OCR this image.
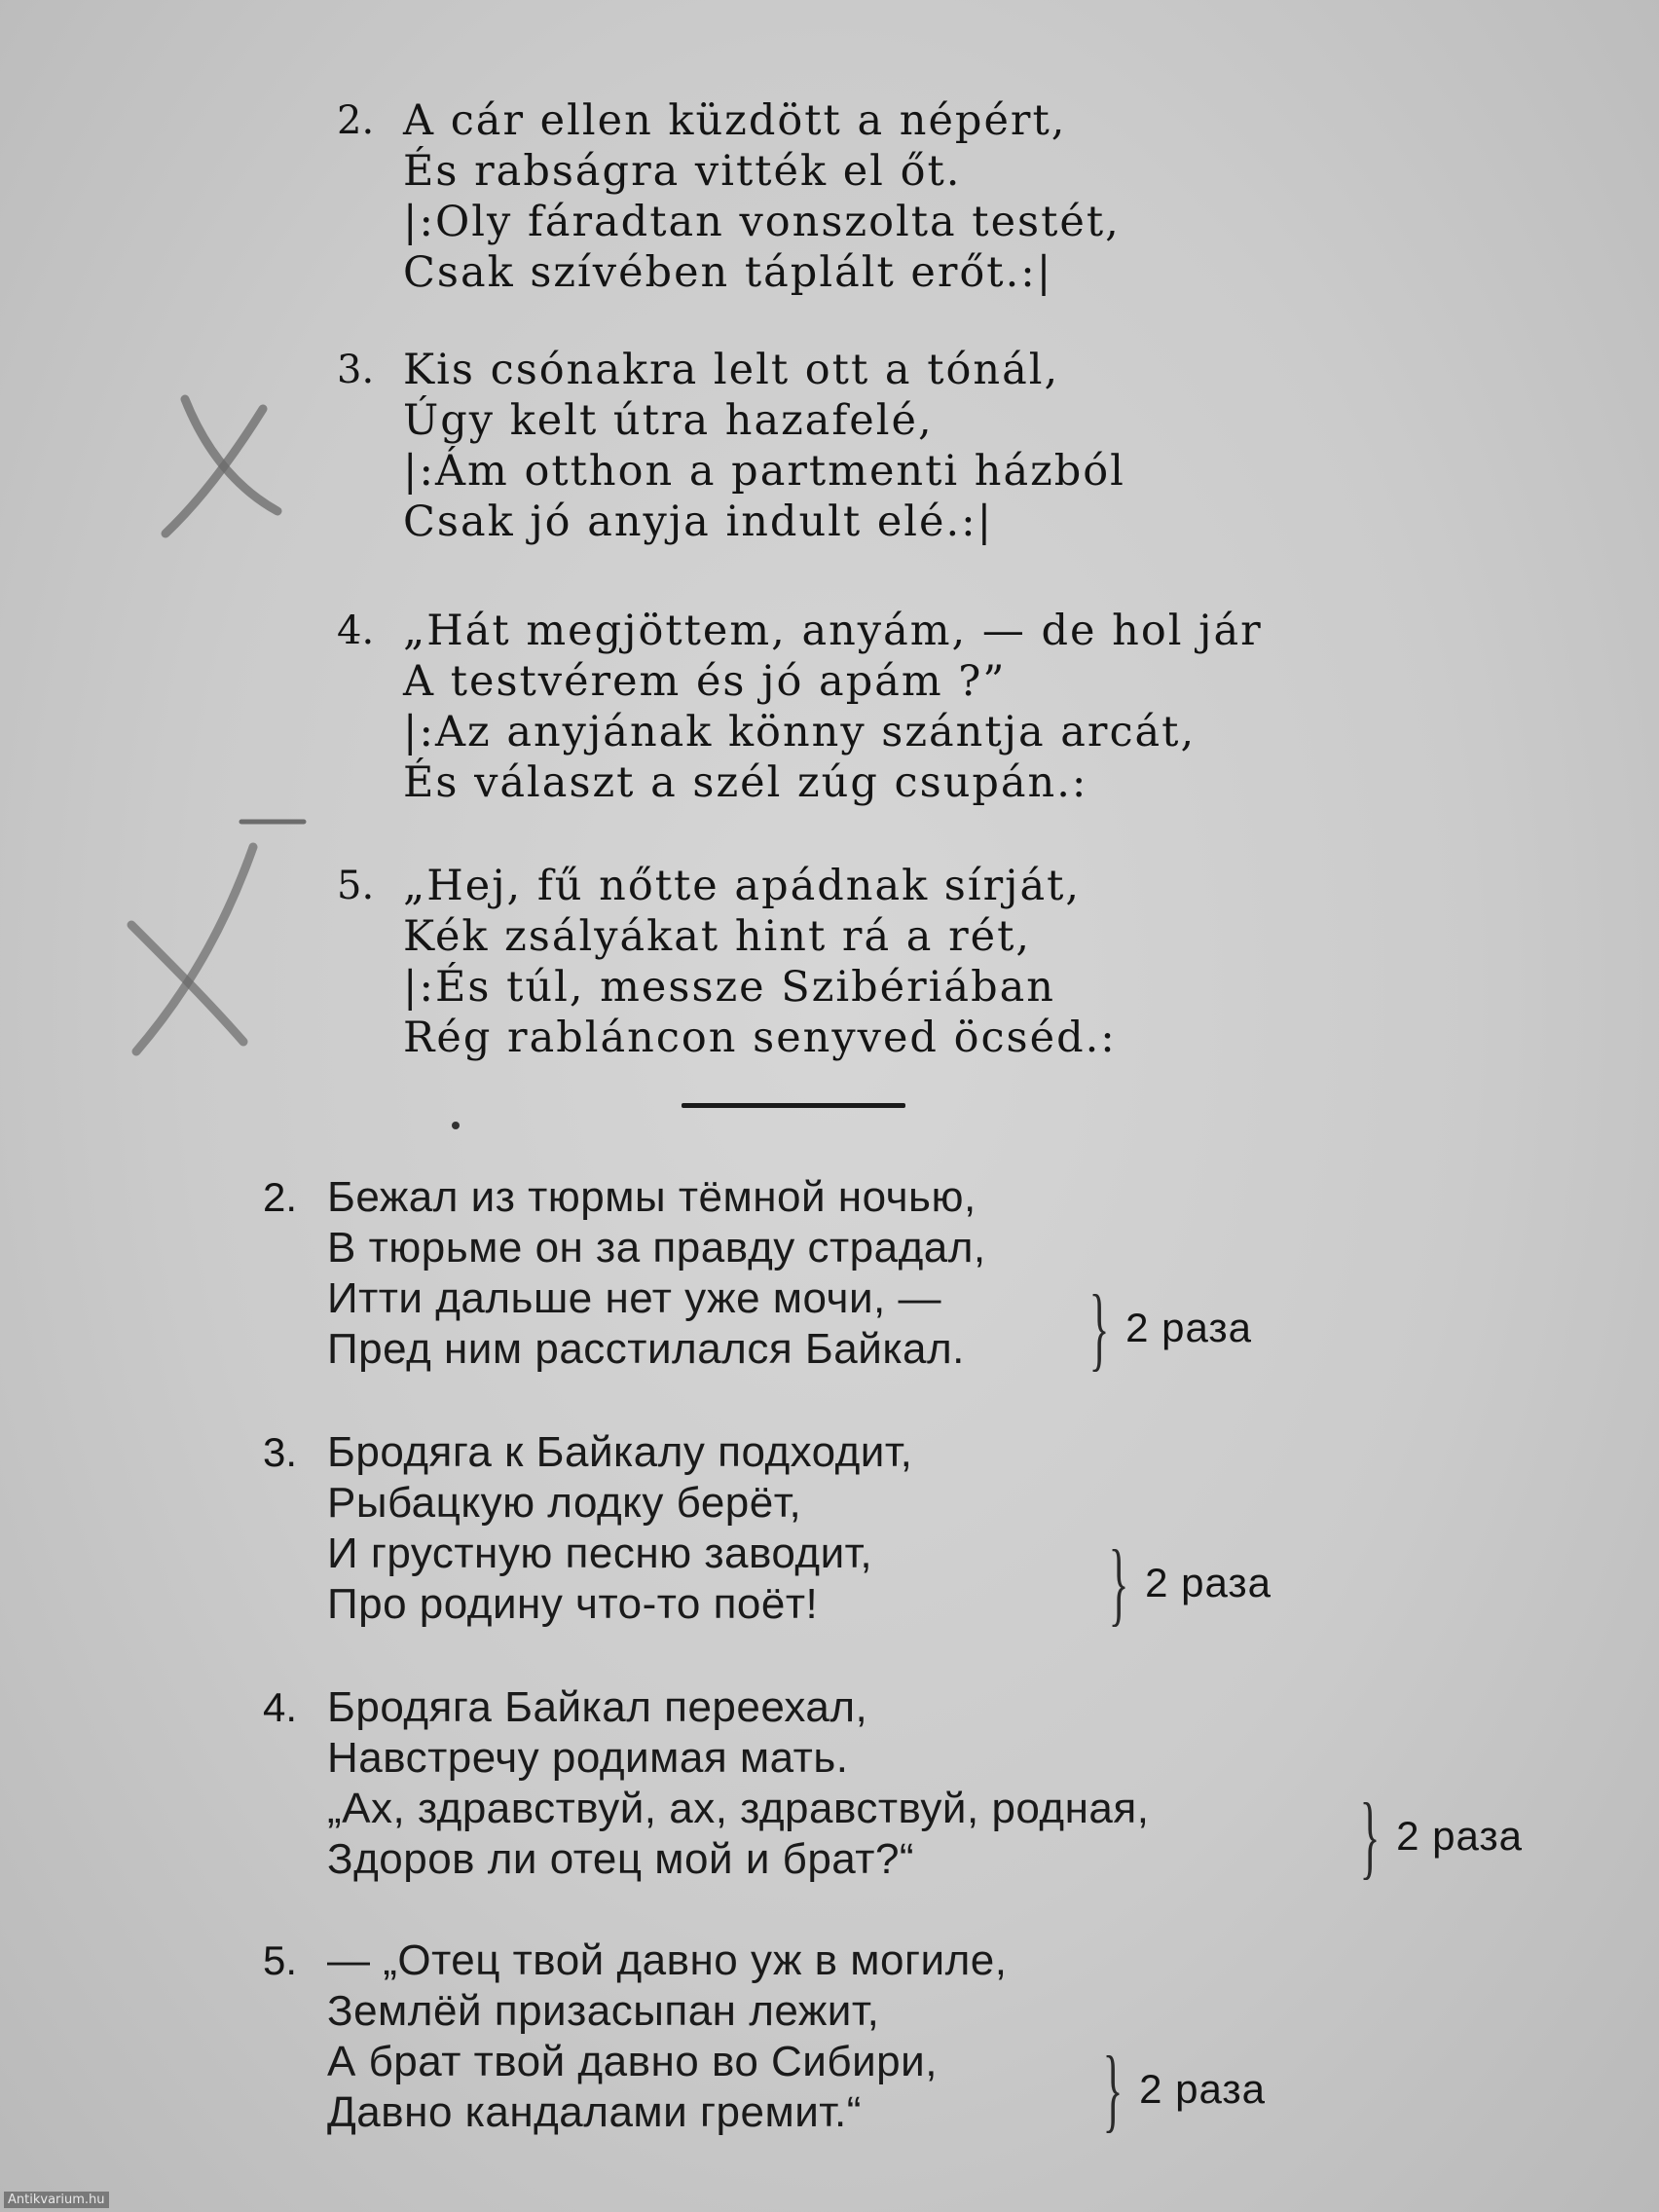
2. A cár ellen küzdött a népért,
És rabságra vitték el őt.
|:Oly fáradtan vonszolta testét,
Csak szívében táplált erőt.:|
3. Kis csónakra lelt ott a tónál,
Úgy kelt útra hazafelé,
|:Ám otthon a partmenti házból
Csak jó anyja indult elé.:|
4. „Hát megjöttem, anyám, — de hol jár
A testvérem és jó apám ?”
|:Az anyjának könny szántja arcát,
És választ a szél zúg csupán.:
5. „Hej, fű nőtte apádnak sírját,
Kék zsályákat hint rá a rét,
|:És túl, messze Szibériában
Rég rabláncon senyved öcséd.:
2. Бежал из тюрмы тёмной ночью,
В тюрьме он за правду страдал,
Итти дальше нет уже мочи, —
Пред ним расстилался Байкал. } 2 раза
3. Бродяга к Байкалу подходит,
Рыбацкую лодку берёт,
И грустную песню заводит,
Про родину что-то поёт!	} 2 раза
4. Бродяга Байкал переехал,
Навстречу родимая мать.
„Ах, здравствуй, ах, здравствуй, родная,
Здоров ли отец мой и брат?“	} 2 раза
5. — „Отец твой давно уж в могиле,
Землёй призасыпан лежит,
А брат твой давно во Сибири,
Давно кандалами гремит.“	} 2 раза
Antikvarium.hu
